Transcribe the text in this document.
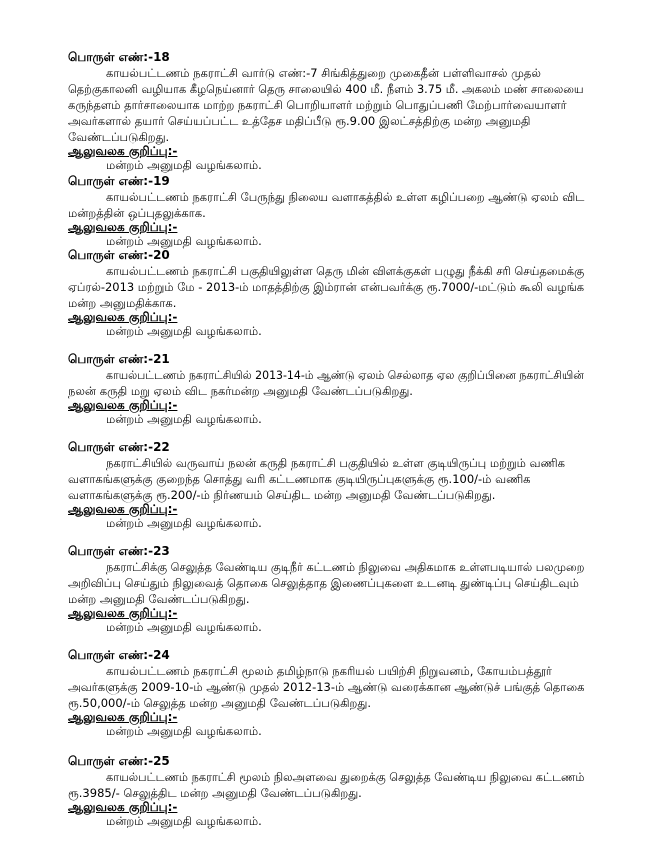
பொருள் எண்:-18

காயல்பட்டணம் நகராட்சி வார்டு எண்:-7 சிங்கித்துறை முகைதீன் பள்ளிவாசல் முதல்

தெற்குகாலனி வழியாக கீழநெய்னார் தெரு சாலையில் 400 மீ. நீளம் 3.75 மீ. அகலம் மண் சாலையை

கருந்தளம் தார்சாலையாக மாற்ற நகராட்சி பொறியாளர் மற்றும் பொதுப்பணி மேற்பார்வையாளர்

அவர்களால் தயார் செய்யப்பட்ட உத்தேச மதிப்பீடு ரூ.9.00 இலட்சத்திற்கு மன்ற அனுமதி

வேண்டப்படுகிறது.

ஆலுவலக குறிப்பு:-

மன்றம் அனுமதி வழங்கலாம்.

பொருள் எண்:-19

காயல்பட்டணம் நகராட்சி பேருந்து நிலைய வளாகத்தில் உள்ள கழிப்பறை ஆண்டு ஏலம் விட

மன்றத்தின் ஒப்புதலுக்காக.

ஆலுவலக குறிப்பு:-

மன்றம் அனுமதி வழங்கலாம்.

பொருள் எண்:-20

காயல்பட்டணம் நகராட்சி பகுதியிலுள்ள தெரு மின் விளக்குகள் பழுது நீக்கி சரி செய்தமைக்கு

ஏப்ரல்-2013 மற்றும் மே - 2013-ம் மாதத்திற்கு இம்ரான் என்பவர்க்கு ரூ.7000/-மட்டும் கூலி வழங்க

மன்ற அனுமதிக்காக.

ஆலுவலக குறிப்பு:-

மன்றம் அனுமதி வழங்கலாம்.

பொருள் எண்:-21

காயல்பட்டணம் நகராட்சியில் 2013-14-ம் ஆண்டு ஏலம் செல்லாத ஏல குறிப்பினை நகராட்சியின்

நலன் கருதி மறு ஏலம் விட நகர்மன்ற அனுமதி வேண்டப்படுகிறது.

ஆலுவலக குறிப்பு:-

மன்றம் அனுமதி வழங்கலாம்.

பொருள் எண்:-22

நகராட்சியில் வருவாய் நலன் கருதி நகராட்சி பகுதியில் உள்ள குடியிருப்பு மற்றும் வணிக

வளாகங்களுக்கு குறைந்த சொத்து வரி கட்டணமாக குடியிருப்புகளுக்கு ரூ.100/-ம் வணிக

வளாகங்களுக்கு ரூ.200/-ம் நிர்ணயம் செய்திட மன்ற அனுமதி வேண்டப்படுகிறது.

ஆலுவலக குறிப்பு:-

மன்றம் அனுமதி வழங்கலாம்.

பொருள் எண்:-23

நகராட்சிக்கு செலுத்த வேண்டிய குடிநீர் கட்டணம் நிலுவை அதிகமாக உள்ளபடியால் பலமுறை

அறிவிப்பு செய்தும் நிலுவைத் தொகை செலுத்தாத இணைப்புகளை உடனடி துண்டிப்பு செய்திடவும்

மன்ற அனுமதி வேண்டப்படுகிறது.

ஆலுவலக குறிப்பு:-

மன்றம் அனுமதி வழங்கலாம்.

பொருள் எண்:-24

காயல்பட்டணம் நகராட்சி மூலம் தமிழ்நாடு நகரியல் பயிற்சி நிறுவனம், கோயம்பத்தூர்

அவர்களுக்கு 2009-10-ம் ஆண்டு முதல் 2012-13-ம் ஆண்டு வரைக்கான ஆண்டுச் பங்குத் தொகை

ரூ.50,000/-ம் செலுத்த மன்ற அனுமதி வேண்டப்படுகிறது.

ஆலுவலக குறிப்பு:-

மன்றம் அனுமதி வழங்கலாம்.

பொருள் எண்:-25

காயல்பட்டணம் நகராட்சி மூலம் நிலஅளவை துறைக்கு செலுத்த வேண்டிய நிலுவை கட்டணம்

ரூ.3985/- செலுத்திட மன்ற அனுமதி வேண்டப்படுகிறது.

ஆலுவலக குறிப்பு:-

மன்றம் அனுமதி வழங்கலாம்.
